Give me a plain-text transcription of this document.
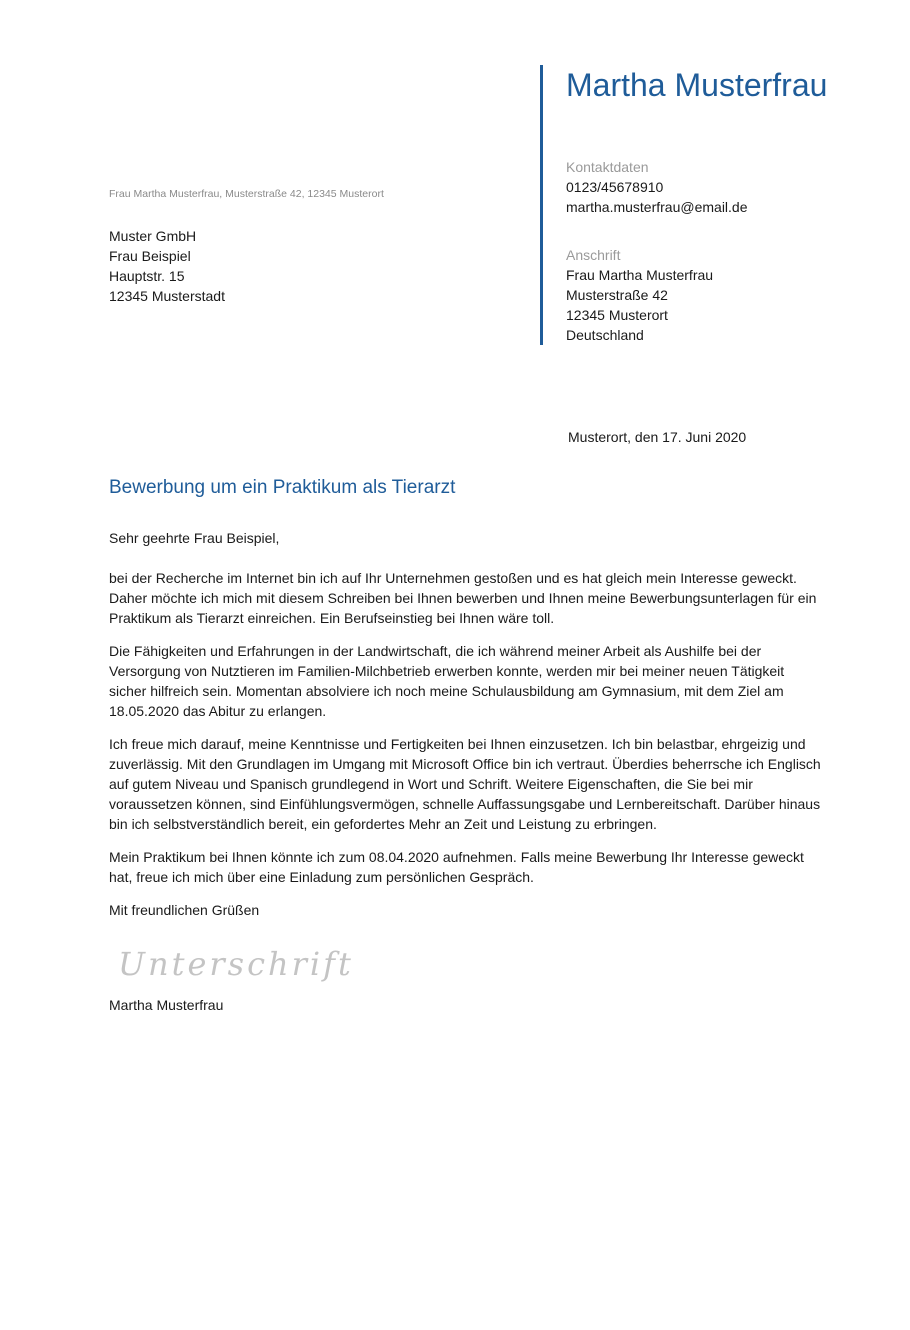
Martha Musterfrau
Kontaktdaten
0123/45678910
martha.musterfrau@email.de
Anschrift
Frau Martha Musterfrau
Musterstraße 42
12345 Musterort
Deutschland
Frau Martha Musterfrau, Musterstraße 42, 12345 Musterort
Muster GmbH
Frau Beispiel
Hauptstr. 15
12345 Musterstadt
Musterort, den 17. Juni 2020
Bewerbung um ein Praktikum als Tierarzt

Sehr geehrte Frau Beispiel,

bei der Recherche im Internet bin ich auf Ihr Unternehmen gestoßen und es hat gleich mein Interesse geweckt. Daher möchte ich mich mit diesem Schreiben bei Ihnen bewerben und Ihnen meine Bewerbungsunterlagen für ein Praktikum als Tierarzt einreichen. Ein Berufseinstieg bei Ihnen wäre toll.

Die Fähigkeiten und Erfahrungen in der Landwirtschaft, die ich während meiner Arbeit als Aushilfe bei der Versorgung von Nutztieren im Familien-Milchbetrieb erwerben konnte, werden mir bei meiner neuen Tätigkeit sicher hilfreich sein. Momentan absolviere ich noch meine Schulausbildung am Gymnasium, mit dem Ziel am 18.05.2020 das Abitur zu erlangen.

Ich freue mich darauf, meine Kenntnisse und Fertigkeiten bei Ihnen einzusetzen. Ich bin belastbar, ehrgeizig und zuverlässig. Mit den Grundlagen im Umgang mit Microsoft Office bin ich vertraut. Überdies beherrsche ich Englisch auf gutem Niveau und Spanisch grundlegend in Wort und Schrift. Weitere Eigenschaften, die Sie bei mir voraussetzen können, sind Einfühlungsvermögen, schnelle Auffassungsgabe und Lernbereitschaft. Darüber hinaus bin ich selbstverständlich bereit, ein gefordertes Mehr an Zeit und Leistung zu erbringen.

Mein Praktikum bei Ihnen könnte ich zum 08.04.2020 aufnehmen. Falls meine Bewerbung Ihr Interesse geweckt hat, freue ich mich über eine Einladung zum persönlichen Gespräch.

Mit freundlichen Grüßen

Unterschrift
Martha Musterfrau
